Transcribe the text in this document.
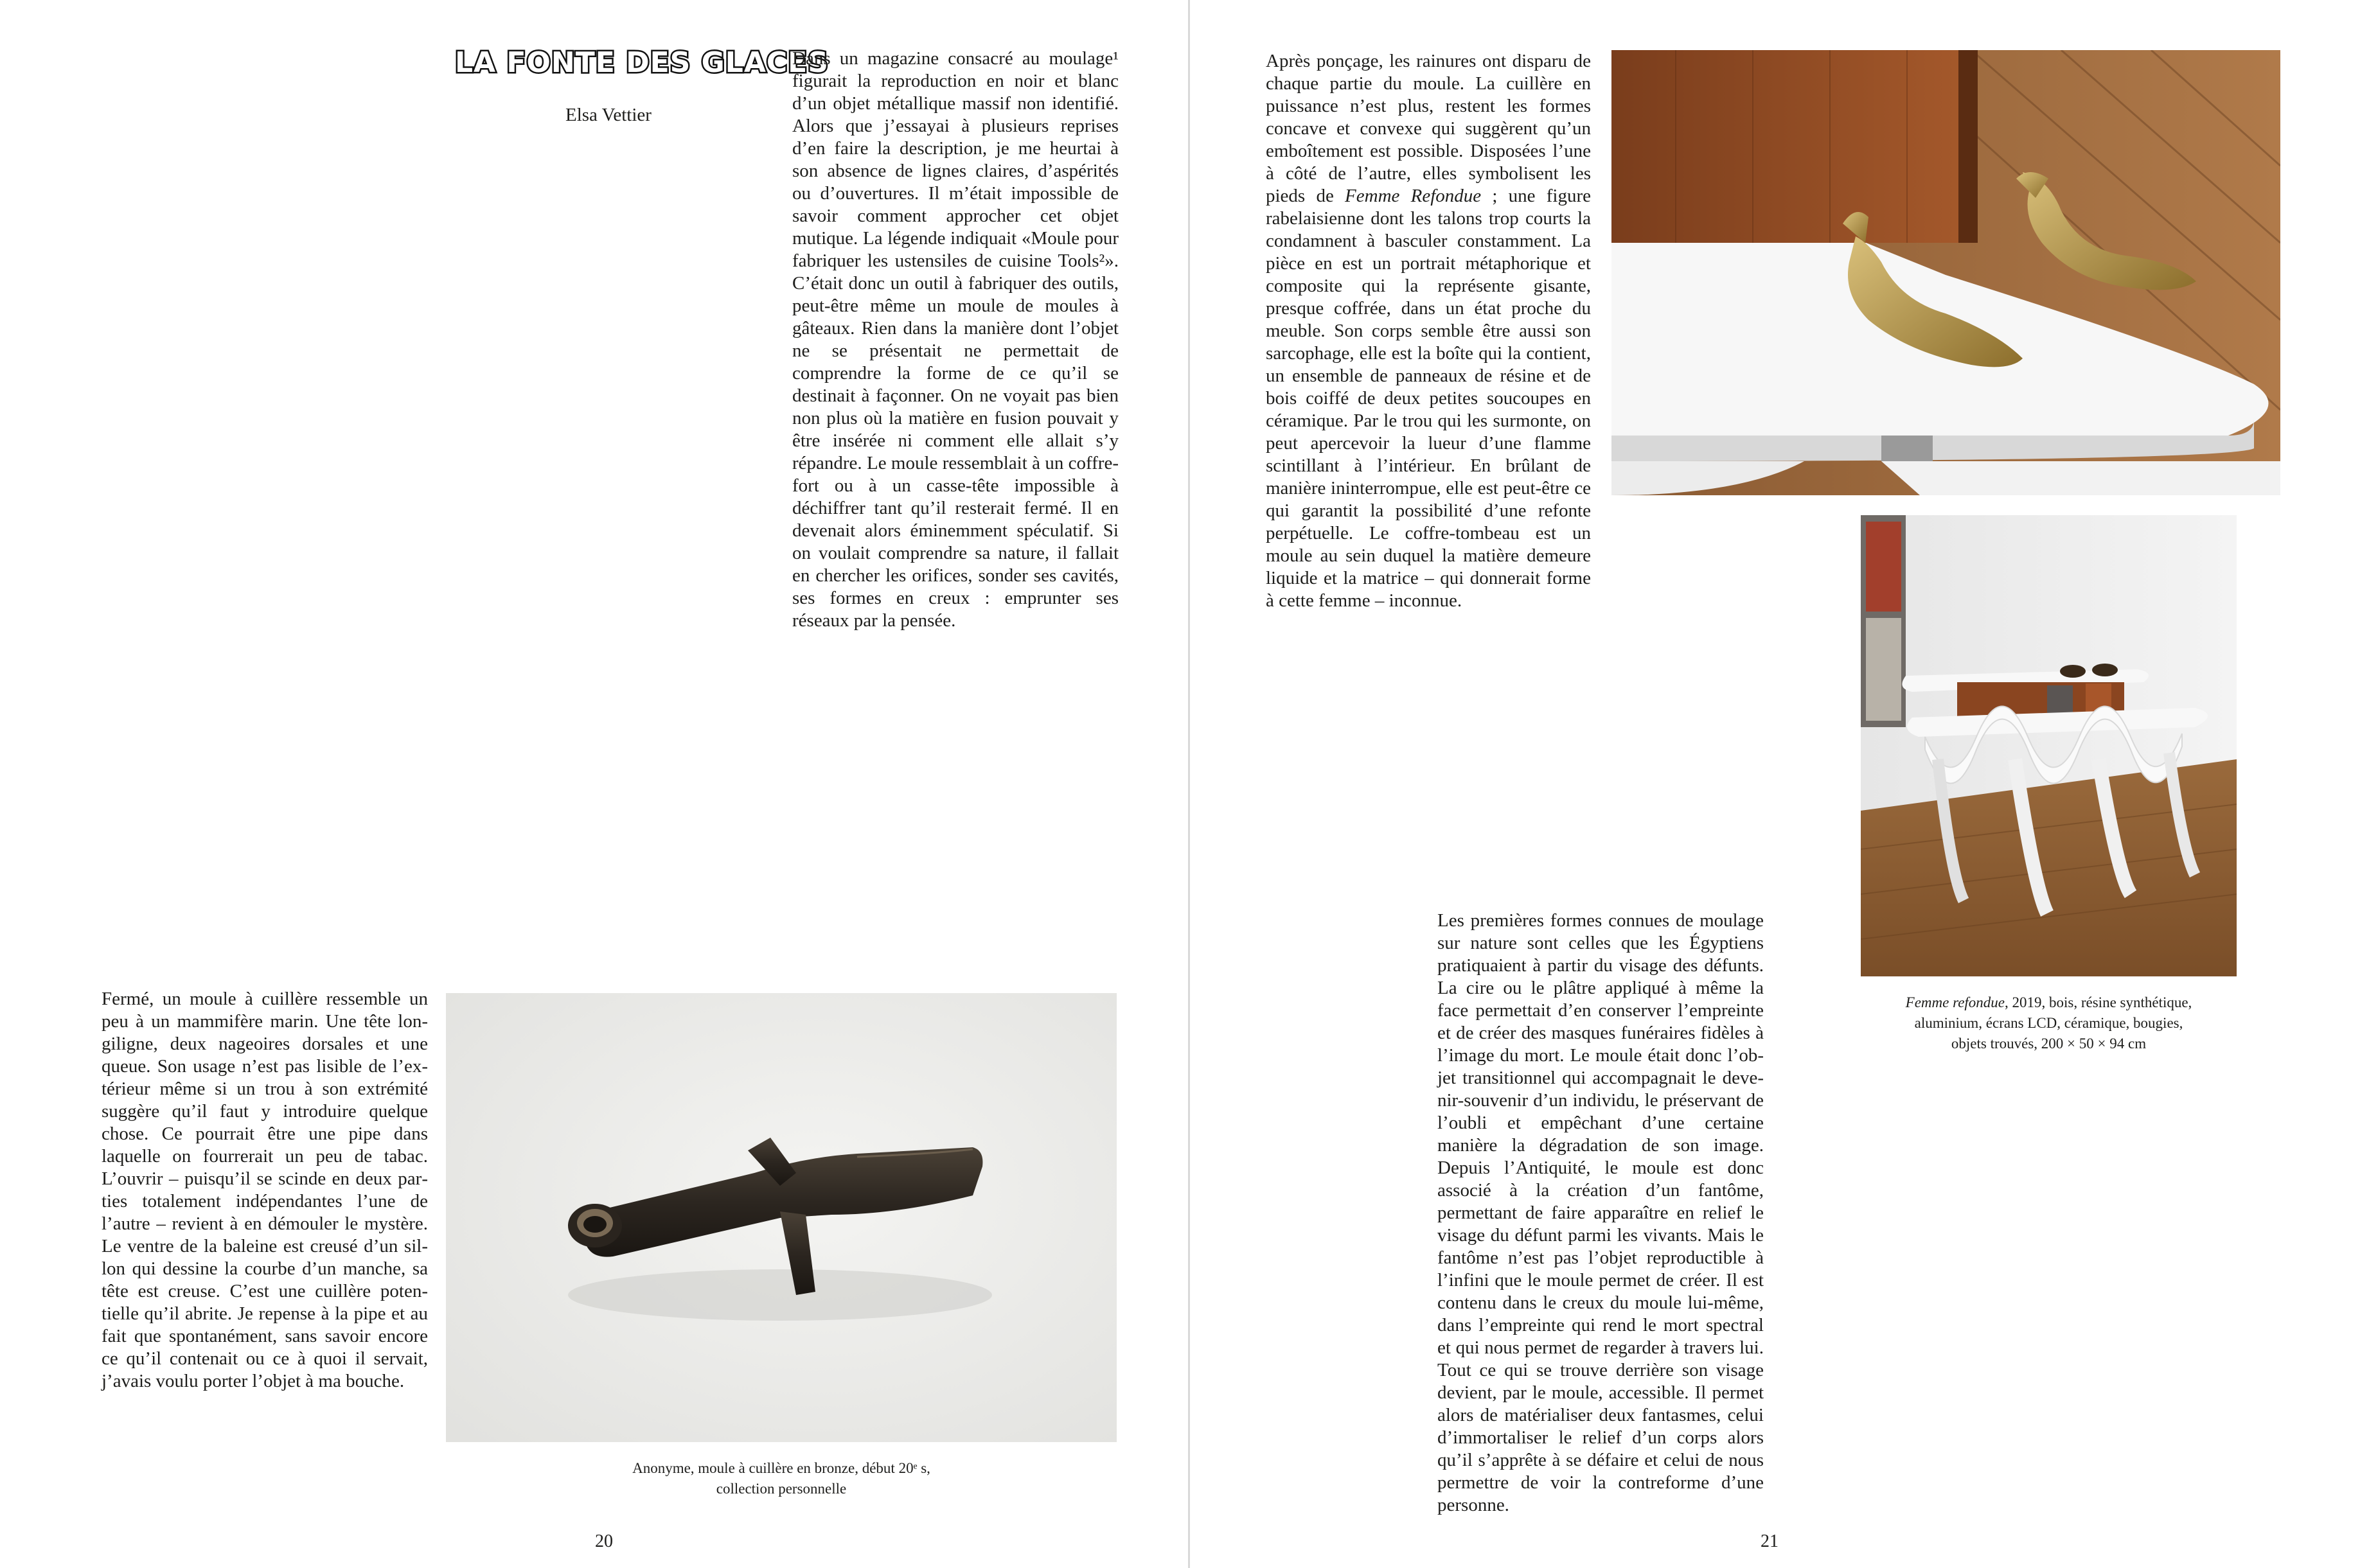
LA FONTE DES GLACES
Elsa Vettier

Dans un magazine consacré au moulage¹ figurait la reproduction en noir et blanc d’un objet métallique massif non identifié. Alors que j’essayai à plusieurs reprises d’en faire la description, je me heurtai à son absence de lignes claires, d’aspérités ou d’ouvertures. Il m’était impossible de savoir comment approcher cet objet mutique. La légende indiquait «Moule pour fabriquer les ustensiles de cuisine Tools²». C’était donc un outil à fabriquer des outils, peut-être même un moule de moules à gâteaux. Rien dans la manière dont l’objet ne se présentait ne permettait de comprendre la forme de ce qu’il se destinait à façonner. On ne voyait pas bien non plus où la matière en fusion pouvait y être insérée ni comment elle allait s’y répandre. Le moule ressemblait à un coffre-fort ou à un casse-tête impossible à déchiffrer tant qu’il resterait fermé. Il en devenait alors éminemment spéculatif. Si on voulait comprendre sa nature, il fallait en chercher les orifices, sonder ses cavités, ses formes en creux : emprunter ses réseaux par la pensée.

Fermé, un moule à cuillère ressemble un peu à un mammifère marin. Une tête longiligne, deux nageoires dorsales et une queue. Son usage n’est pas lisible de l’extérieur même si un trou à son extrémité suggère qu’il faut y introduire quelque chose. Ce pourrait être une pipe dans laquelle on fourrerait un peu de tabac. L’ouvrir – puisqu’il se scinde en deux parties totalement indépendantes l’une de l’autre – revient à en démouler le mystère. Le ventre de la baleine est creusé d’un sillon qui dessine la courbe d’un manche, sa tête est creuse. C’est une cuillère potentielle qu’il abrite. Je repense à la pipe et au fait que spontanément, sans savoir encore ce qu’il contenait ou ce à quoi il servait, j’avais voulu porter l’objet à ma bouche.

Anonyme, moule à cuillère en bronze, début 20ᵉ s,
collection personnelle
20

Après ponçage, les rainures ont disparu de chaque partie du moule. La cuillère en puissance n’est plus, restent les formes concave et convexe qui suggèrent qu’un emboîtement est possible. Disposées l’une à côté de l’autre, elles symbolisent les pieds de Femme Refondue ; une figure rabelaisienne dont les talons trop courts la condamnent à basculer constamment. La pièce en est un portrait métaphorique et composite qui la représente gisante, presque coffrée, dans un état proche du meuble. Son corps semble être aussi son sarcophage, elle est la boîte qui la contient, un ensemble de panneaux de résine et de bois coiffé de deux petites soucoupes en céramique. Par le trou qui les surmonte, on peut apercevoir la lueur d’une flamme scintillant à l’intérieur. En brûlant de manière ininterrompue, elle est peut-être ce qui garantit la possibilité d’une refonte perpétuelle. Le coffre-tombeau est un moule au sein duquel la matière demeure liquide et la matrice – qui donnerait forme à cette femme – inconnue.

Femme refondue, 2019, bois, résine synthétique,
aluminium, écrans LCD, céramique, bougies,
objets trouvés, 200 × 50 × 94 cm

Les premières formes connues de moulage sur nature sont celles que les Égyptiens pratiquaient à partir du visage des défunts. La cire ou le plâtre appliqué à même la face permettait d’en conserver l’empreinte et de créer des masques funéraires fidèles à l’image du mort. Le moule était donc l’objet transitionnel qui accompagnait le devenir-souvenir d’un individu, le préservant de l’oubli et empêchant d’une certaine manière la dégradation de son image. Depuis l’Antiquité, le moule est donc associé à la création d’un fantôme, permettant de faire apparaître en relief le visage du défunt parmi les vivants. Mais le fantôme n’est pas l’objet reproductible à l’infini que le moule permet de créer. Il est contenu dans le creux du moule lui-même, dans l’empreinte qui rend le mort spectral et qui nous permet de regarder à travers lui. Tout ce qui se trouve derrière son visage devient, par le moule, accessible. Il permet alors de matérialiser deux fantasmes, celui d’immortaliser le relief d’un corps alors qu’il s’apprête à se défaire et celui de nous permettre de voir la contreforme d’une personne.

21
